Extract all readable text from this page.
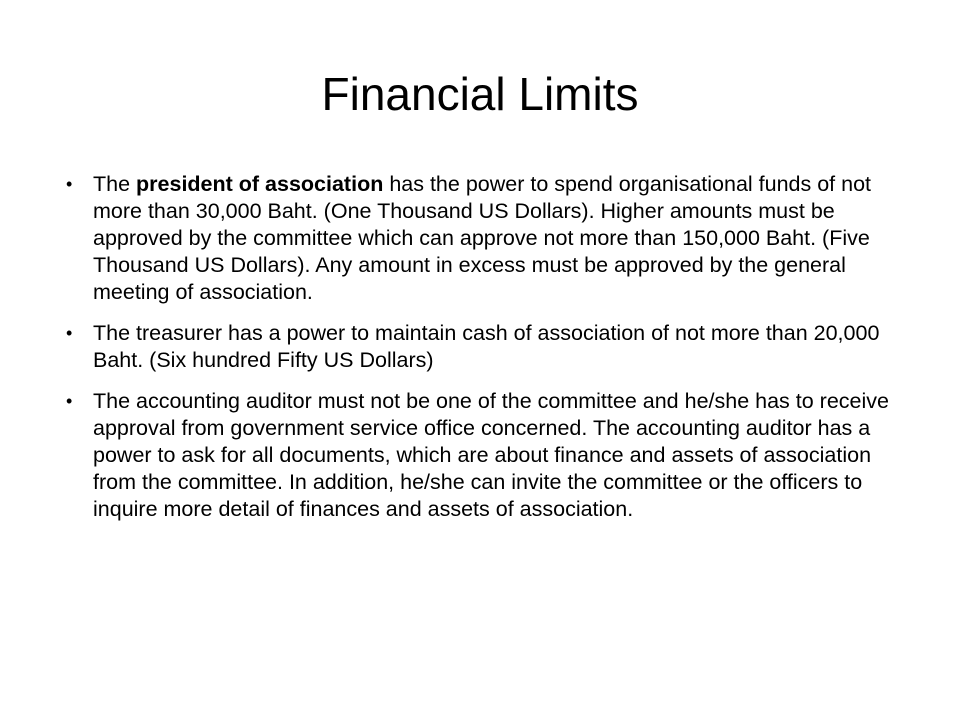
Financial Limits
• The president of association has the power to spend organisational funds of not more than 30,000 Baht. (One Thousand US Dollars). Higher amounts must be approved by the committee which can approve not more than 150,000 Baht. (Five Thousand US Dollars). Any amount in excess must be approved by the general meeting of association.
• The treasurer has a power to maintain cash of association of not more than 20,000 Baht. (Six hundred Fifty US Dollars)
• The accounting auditor must not be one of the committee and he/she has to receive approval from government service office concerned. The accounting auditor has a power to ask for all documents, which are about finance and assets of association from the committee. In addition, he/she can invite the committee or the officers to inquire more detail of finances and assets of association.
